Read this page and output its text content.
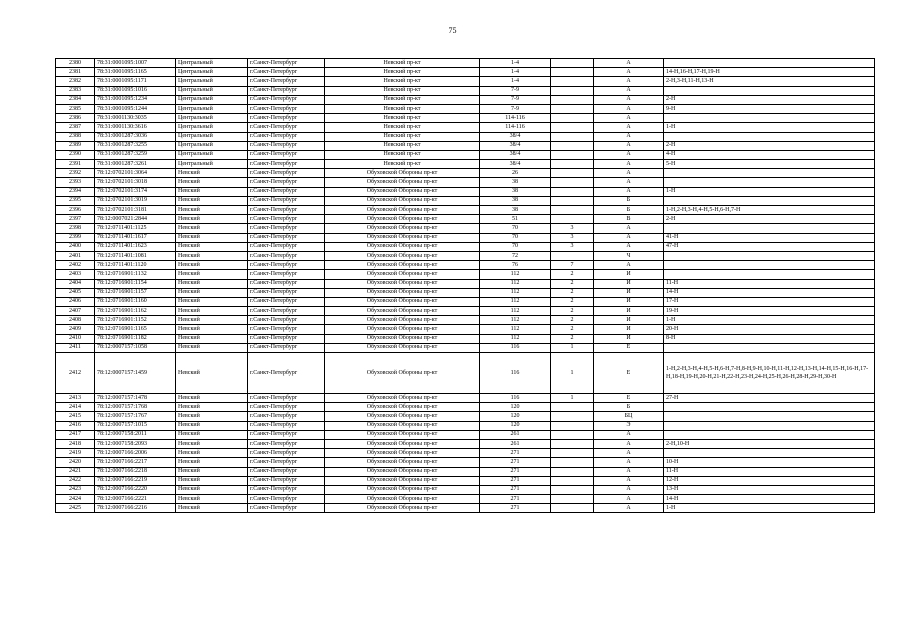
75
2380	78:31:0001095:1007	Центральный	г.Санкт-Петербург	Невский пр-кт	1-4		А	
2381	78:31:0001095:1165	Центральный	г.Санкт-Петербург	Невский пр-кт	1-4		А	14-Н,16-Н,17-Н,19-Н
2382	78:31:0001095:1171	Центральный	г.Санкт-Петербург	Невский пр-кт	1-4		А	2-Н,3-Н,11-Н,13-Н
2383	78:31:0001095:1016	Центральный	г.Санкт-Петербург	Невский пр-кт	7-9		А	
2384	78:31:0001095:1234	Центральный	г.Санкт-Петербург	Невский пр-кт	7-9		А	2-Н
2385	78:31:0001095:1244	Центральный	г.Санкт-Петербург	Невский пр-кт	7-9		А	9-Н
2386	78:31:0001130:3035	Центральный	г.Санкт-Петербург	Невский пр-кт	114-116		А	
2387	78:31:0001130:3616	Центральный	г.Санкт-Петербург	Невский пр-кт	114-116		А	1-Н
2388	78:31:0001287:3036	Центральный	г.Санкт-Петербург	Невский пр-кт	38/4		А	
2389	78:31:0001287:3255	Центральный	г.Санкт-Петербург	Невский пр-кт	38/4		А	2-Н
2390	78:31:0001287:3259	Центральный	г.Санкт-Петербург	Невский пр-кт	38/4		А	4-Н
2391	78:31:0001287:3261	Центральный	г.Санкт-Петербург	Невский пр-кт	38/4		А	5-Н
2392	78:12:0702101:3064	Невский	г.Санкт-Петербург	Обуховской Обороны пр-кт	26		А	
2393	78:12:0702101:3018	Невский	г.Санкт-Петербург	Обуховской Обороны пр-кт	38		А	
2394	78:12:0702101:3174	Невский	г.Санкт-Петербург	Обуховской Обороны пр-кт	38		А	1-Н
2395	78:12:0702101:3019	Невский	г.Санкт-Петербург	Обуховской Обороны пр-кт	38		Б	
2396	78:12:0702101:3181	Невский	г.Санкт-Петербург	Обуховской Обороны пр-кт	38		Б	1-Н,2-Н,3-Н,4-Н,5-Н,6-Н,7-Н
2397	78:12:0007021:2844	Невский	г.Санкт-Петербург	Обуховской Обороны пр-кт	51		В	2-Н
2398	78:12:0711401:1125	Невский	г.Санкт-Петербург	Обуховской Обороны пр-кт	70	3	А	
2399	78:12:0711401:1617	Невский	г.Санкт-Петербург	Обуховской Обороны пр-кт	70	3	А	41-Н
2400	78:12:0711401:1623	Невский	г.Санкт-Петербург	Обуховской Обороны пр-кт	70	3	А	47-Н
2401	78:12:0711401:1081	Невский	г.Санкт-Петербург	Обуховской Обороны пр-кт	72		Ч	
2402	78:12:0711401:1120	Невский	г.Санкт-Петербург	Обуховской Обороны пр-кт	76	7	А	
2403	78:12:0716901:1132	Невский	г.Санкт-Петербург	Обуховской Обороны пр-кт	112	2	И	
2404	78:12:0716901:1154	Невский	г.Санкт-Петербург	Обуховской Обороны пр-кт	112	2	И	11-Н
2405	78:12:0716901:1157	Невский	г.Санкт-Петербург	Обуховской Обороны пр-кт	112	2	И	14-Н
2406	78:12:0716901:1160	Невский	г.Санкт-Петербург	Обуховской Обороны пр-кт	112	2	И	17-Н
2407	78:12:0716901:1162	Невский	г.Санкт-Петербург	Обуховской Обороны пр-кт	112	2	И	19-Н
2408	78:12:0716901:1152	Невский	г.Санкт-Петербург	Обуховской Обороны пр-кт	112	2	И	1-Н
2409	78:12:0716901:1165	Невский	г.Санкт-Петербург	Обуховской Обороны пр-кт	112	2	И	20-Н
2410	78:12:0716901:1182	Невский	г.Санкт-Петербург	Обуховской Обороны пр-кт	112	2	И	8-Н
2411	78:12:0007157:1058	Невский	г.Санкт-Петербург	Обуховской Обороны пр-кт	116	1	Е	
2412	78:12:0007157:1459	Невский	г.Санкт-Петербург	Обуховской Обороны пр-кт	116	1	Е	1-Н,2-Н,3-Н,4-Н,5-Н,6-Н,7-Н,8-Н,9-Н,10-Н,11-Н,12-Н,13-Н,14-Н,15-Н,16-Н,17-Н,18-Н,19-Н,20-Н,21-Н,22-Н,23-Н,24-Н,25-Н,26-Н,28-Н,29-Н,30-Н
2413	78:12:0007157:1478	Невский	г.Санкт-Петербург	Обуховской Обороны пр-кт	116	1	Е	27-Н
2414	78:12:0007157:1768	Невский	г.Санкт-Петербург	Обуховской Обороны пр-кт	120		Б	
2415	78:12:0007157:1767	Невский	г.Санкт-Петербург	Обуховской Обороны пр-кт	120		БЦ	
2416	78:12:0007157:1015	Невский	г.Санкт-Петербург	Обуховской Обороны пр-кт	120		Э	
2417	78:12:0007158:2011	Невский	г.Санкт-Петербург	Обуховской Обороны пр-кт	261		А	
2418	78:12:0007158:2093	Невский	г.Санкт-Петербург	Обуховской Обороны пр-кт	261		А	2-Н,10-Н
2419	78:12:0007166:2006	Невский	г.Санкт-Петербург	Обуховской Обороны пр-кт	271		А	
2420	78:12:0007166:2217	Невский	г.Санкт-Петербург	Обуховской Обороны пр-кт	271		А	10-Н
2421	78:12:0007166:2218	Невский	г.Санкт-Петербург	Обуховской Обороны пр-кт	271		А	11-Н
2422	78:12:0007166:2219	Невский	г.Санкт-Петербург	Обуховской Обороны пр-кт	271		А	12-Н
2423	78:12:0007166:2220	Невский	г.Санкт-Петербург	Обуховской Обороны пр-кт	271		А	13-Н
2424	78:12:0007166:2221	Невский	г.Санкт-Петербург	Обуховской Обороны пр-кт	271		А	14-Н
2425	78:12:0007166:2216	Невский	г.Санкт-Петербург	Обуховской Обороны пр-кт	271		А	1-Н
